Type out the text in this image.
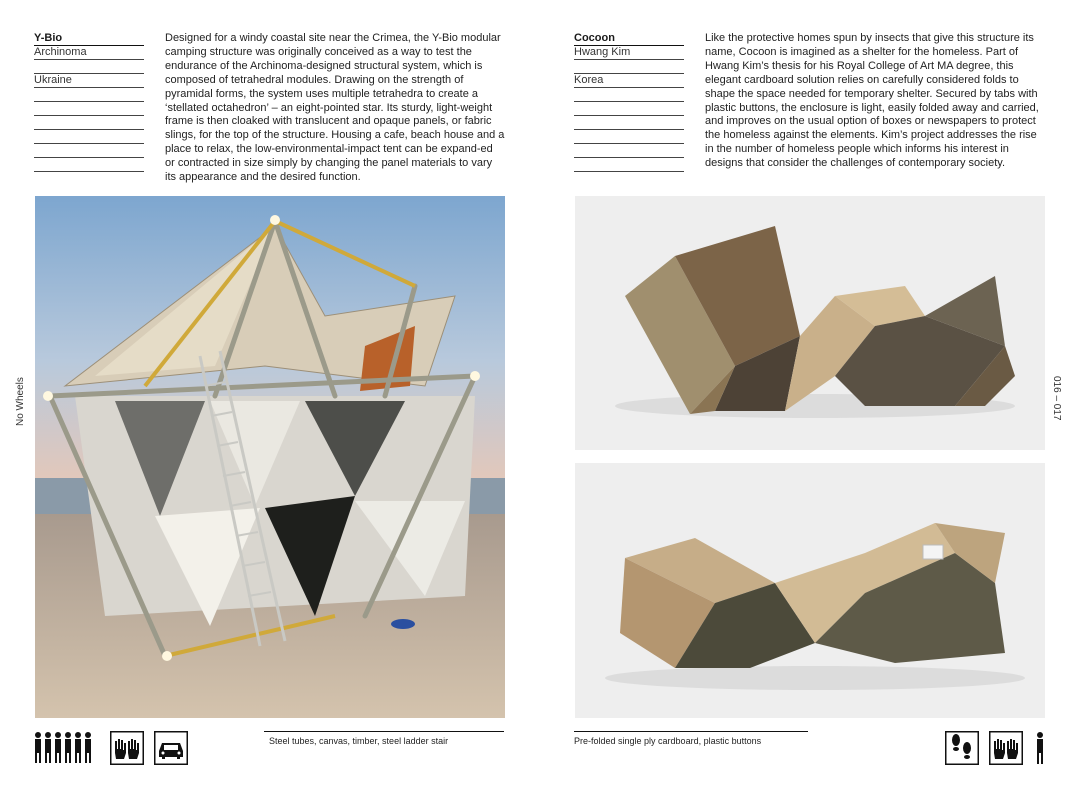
Y-Bio
Archinoma
Ukraine
Designed for a windy coastal site near the Crimea, the Y-Bio modular camping structure was originally conceived as a way to test the endurance of the Archinoma-designed structural system, which is composed of tetrahedral modules. Drawing on the strength of pyramidal forms, the system uses multiple tetrahedra to create a ‘stellated octahedron’ – an eight-pointed star. Its sturdy, light-weight frame is then cloaked with translucent and opaque panels, or fabric slings, for the top of the structure. Housing a cafe, beach house and a place to relax, the low-environmental-impact tent can be expand-ed or contracted in size simply by changing the panel materials to vary its appearance and the desired function.
Cocoon
Hwang Kim
Korea
Like the protective homes spun by insects that give this structure its name, Cocoon is imagined as a shelter for the homeless. Part of Hwang Kim’s thesis for his Royal College of Art MA degree, this elegant cardboard solution relies on carefully considered folds to shape the space needed for temporary shelter. Secured by tabs with plastic buttons, the enclosure is light, easily folded away and carried, and improves on the usual option of boxes or newspapers to protect the homeless against the elements. Kim’s project addresses the rise in the number of homeless people which informs his interest in designs that consider the challenges of contemporary society.
No Wheels	016 – 017
Steel tubes, canvas, timber, steel ladder stair	Pre-folded single ply cardboard, plastic buttons
